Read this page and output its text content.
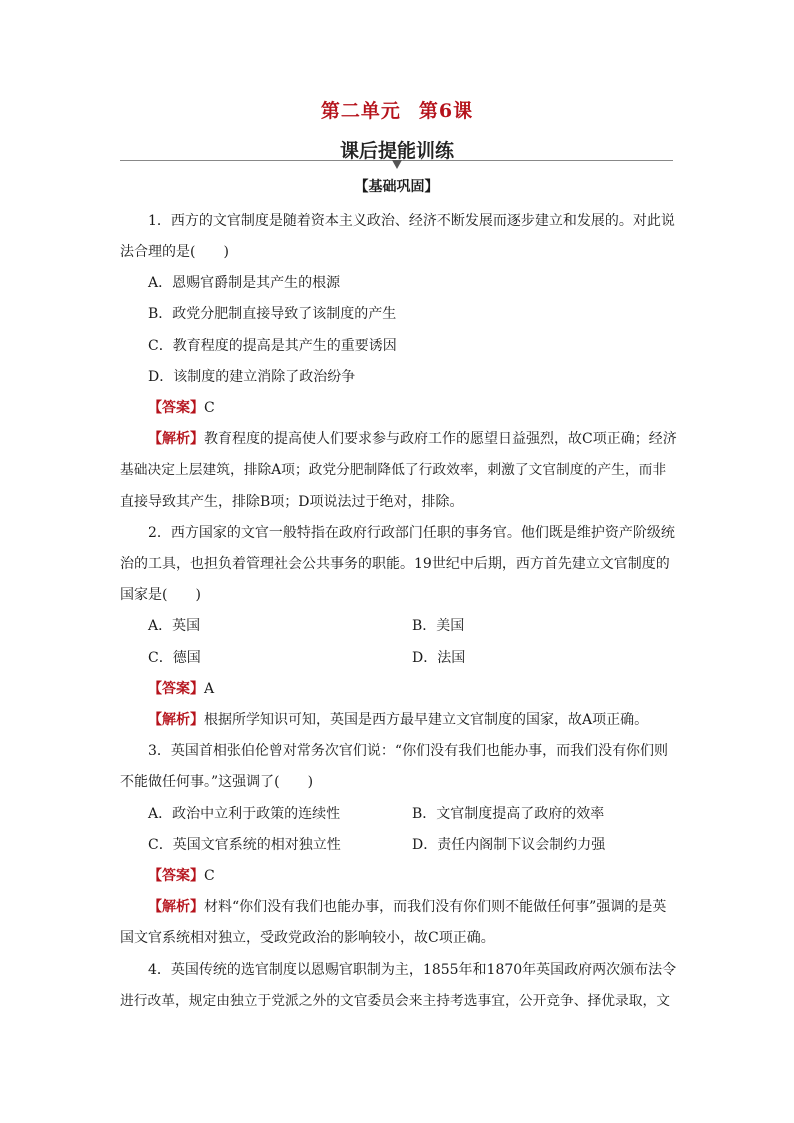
第二单元 第6课
课后提能训练
【基础巩固】
1．西方的文官制度是随着资本主义政治、经济不断发展而逐步建立和发展的。对此说
法合理的是(　　)
A．恩赐官爵制是其产生的根源
B．政党分肥制直接导致了该制度的产生
C．教育程度的提高是其产生的重要诱因
D．该制度的建立消除了政治纷争
【答案】C
【解析】教育程度的提高使人们要求参与政府工作的愿望日益强烈，故C项正确；经济
基础决定上层建筑，排除A项；政党分肥制降低了行政效率，刺激了文官制度的产生，而非
直接导致其产生，排除B项；D项说法过于绝对，排除。
2．西方国家的文官一般特指在政府行政部门任职的事务官。他们既是维护资产阶级统
治的工具，也担负着管理社会公共事务的职能。19世纪中后期，西方首先建立文官制度的
国家是(　　)
A．英国	B．美国
C．德国	D．法国
【答案】A
【解析】根据所学知识可知，英国是西方最早建立文官制度的国家，故A项正确。
3．英国首相张伯伦曾对常务次官们说：“你们没有我们也能办事，而我们没有你们则
不能做任何事。”这强调了(　　)
A．政治中立利于政策的连续性	B．文官制度提高了政府的效率
C．英国文官系统的相对独立性	D．责任内阁制下议会制约力强
【答案】C
【解析】材料“你们没有我们也能办事，而我们没有你们则不能做任何事”强调的是英
国文官系统相对独立，受政党政治的影响较小，故C项正确。
4．英国传统的选官制度以恩赐官职制为主，1855年和1870年英国政府两次颁布法令
进行改革，规定由独立于党派之外的文官委员会来主持考选事宜，公开竞争、择优录取，文
